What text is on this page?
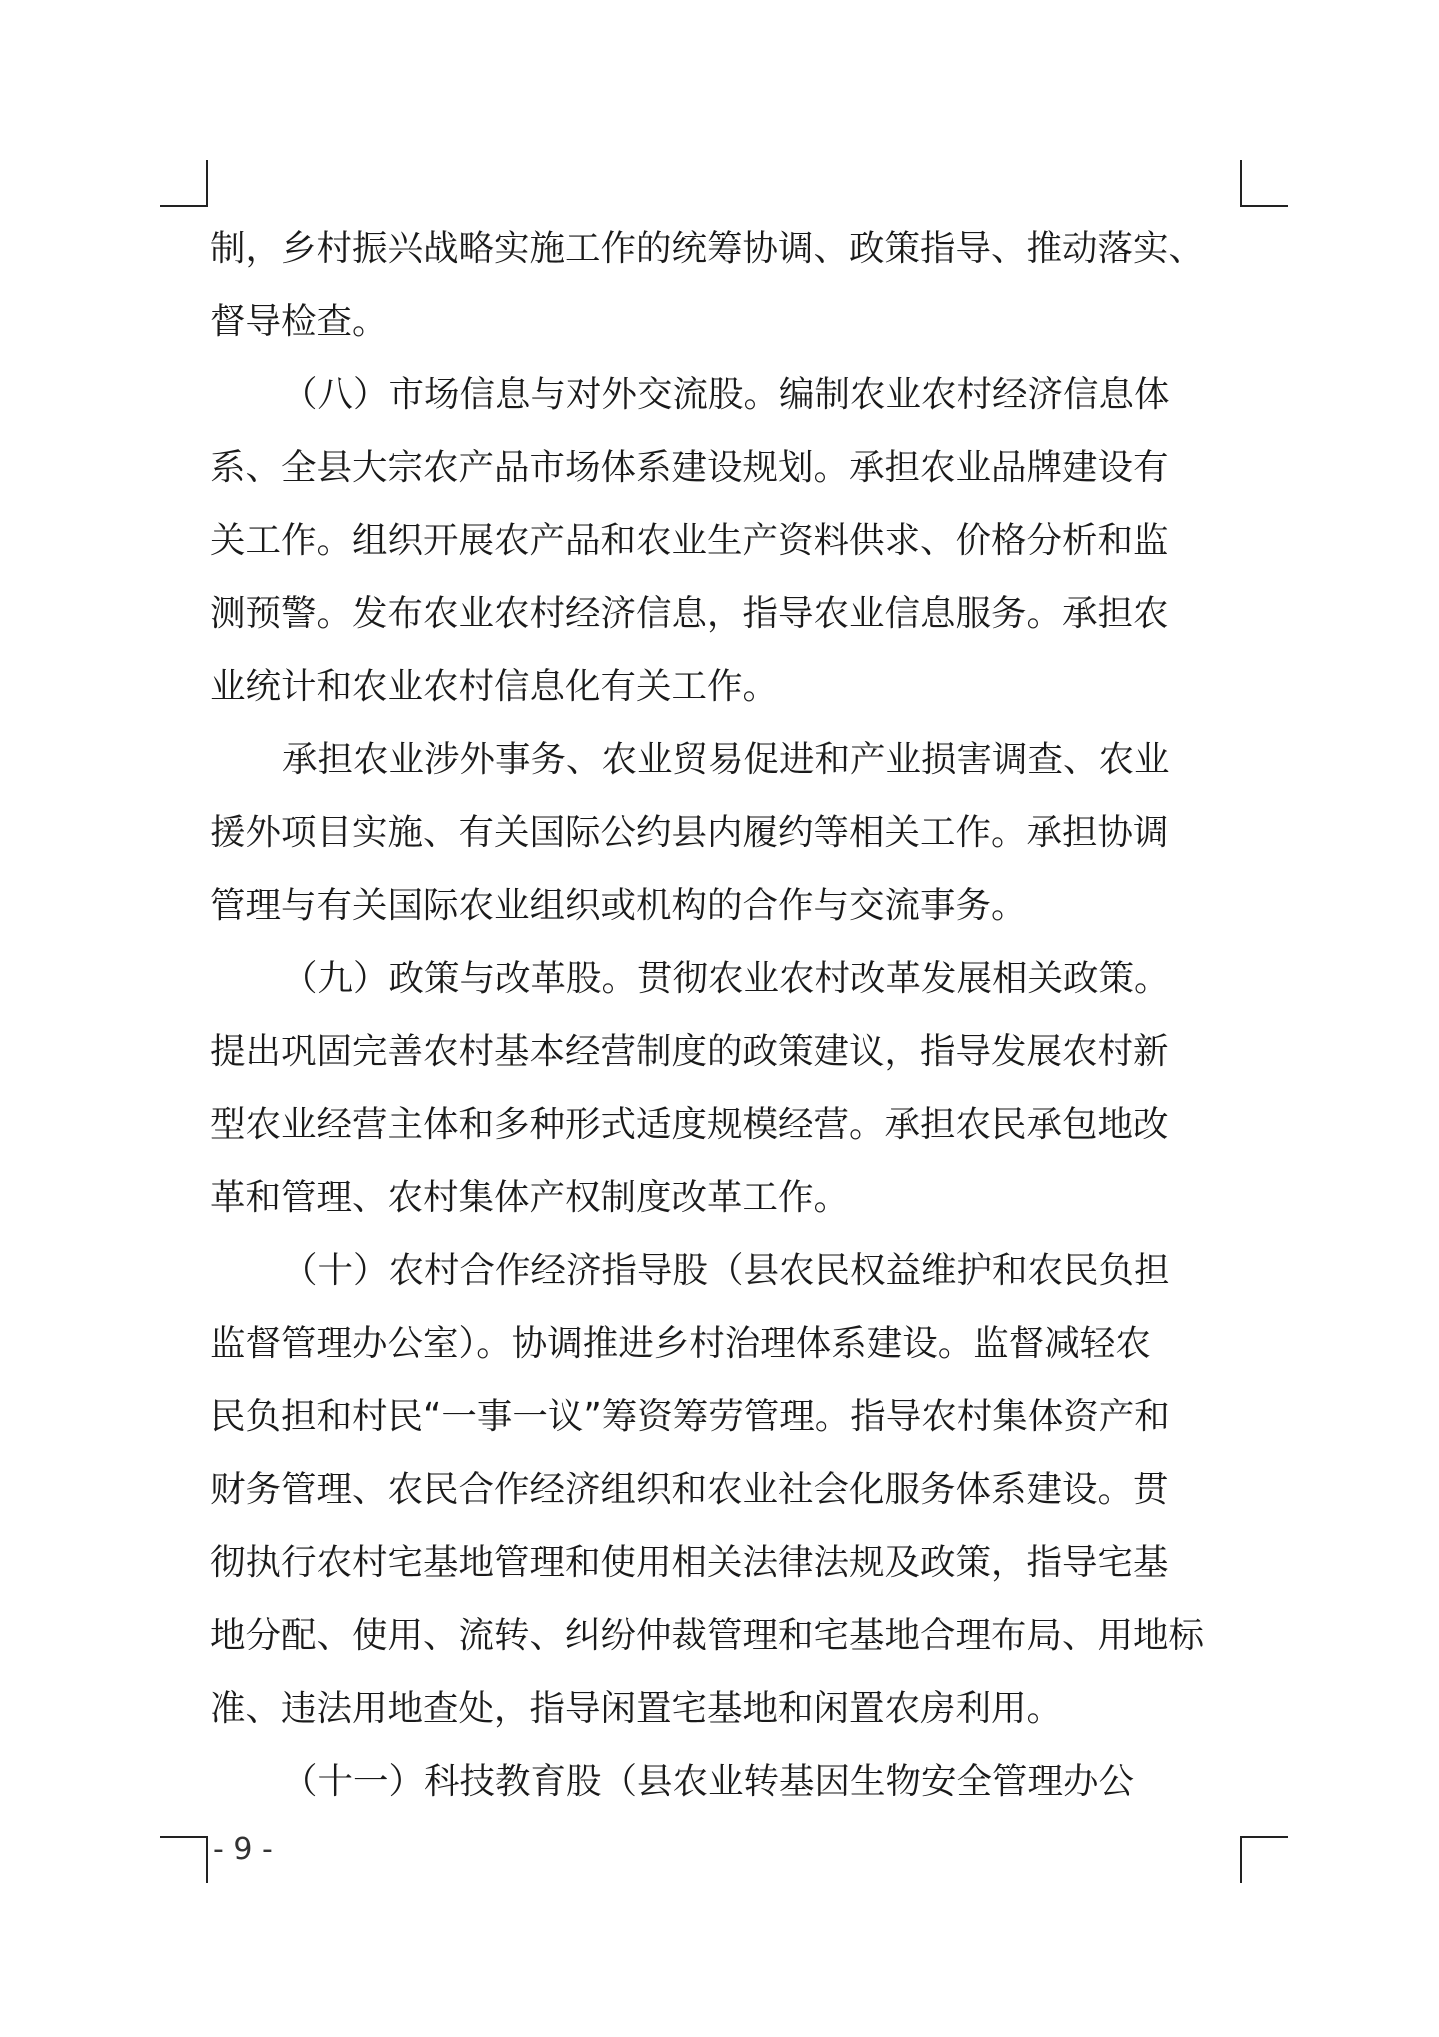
制，乡村振兴战略实施工作的统筹协调、政策指导、推动落实、
督导检查。
（八）市场信息与对外交流股。编制农业农村经济信息体
系、全县大宗农产品市场体系建设规划。承担农业品牌建设有
关工作。组织开展农产品和农业生产资料供求、价格分析和监
测预警。发布农业农村经济信息，指导农业信息服务。承担农
业统计和农业农村信息化有关工作。
承担农业涉外事务、农业贸易促进和产业损害调查、农业
援外项目实施、有关国际公约县内履约等相关工作。承担协调
管理与有关国际农业组织或机构的合作与交流事务。
（九）政策与改革股。贯彻农业农村改革发展相关政策。
提出巩固完善农村基本经营制度的政策建议，指导发展农村新
型农业经营主体和多种形式适度规模经营。承担农民承包地改
革和管理、农村集体产权制度改革工作。
（十）农村合作经济指导股（县农民权益维护和农民负担
监督管理办公室）。协调推进乡村治理体系建设。监督减轻农
民负担和村民“一事一议”筹资筹劳管理。指导农村集体资产和
财务管理、农民合作经济组织和农业社会化服务体系建设。贯
彻执行农村宅基地管理和使用相关法律法规及政策，指导宅基
地分配、使用、流转、纠纷仲裁管理和宅基地合理布局、用地标
准、违法用地查处，指导闲置宅基地和闲置农房利用。
（十一）科技教育股（县农业转基因生物安全管理办公
- 9 -
